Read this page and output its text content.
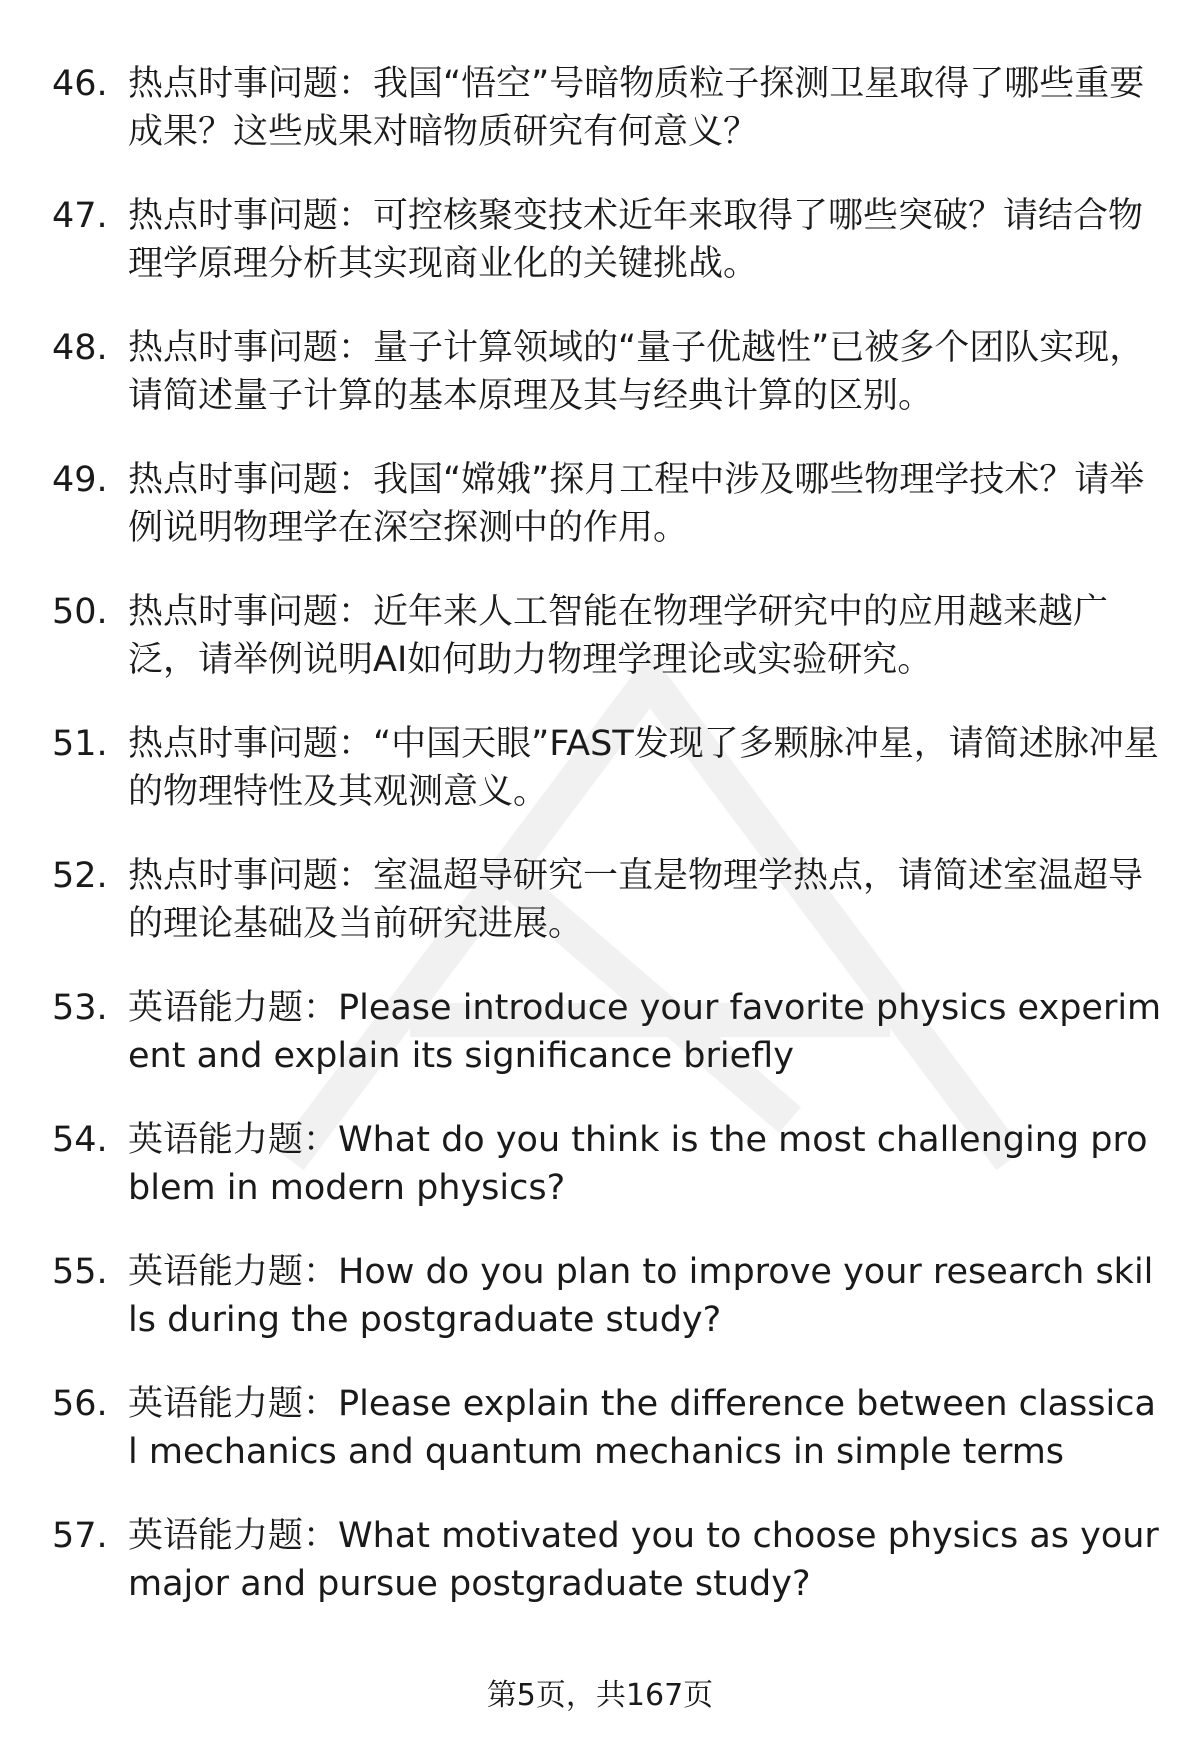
46. 热点时事问题：我国“悟空”号暗物质粒子探测卫星取得了哪些重要成果？这些成果对暗物质研究有何意义？
47. 热点时事问题：可控核聚变技术近年来取得了哪些突破？请结合物理学原理分析其实现商业化的关键挑战。
48. 热点时事问题：量子计算领域的“量子优越性”已被多个团队实现，请简述量子计算的基本原理及其与经典计算的区别。
49. 热点时事问题：我国“嫦娥”探月工程中涉及哪些物理学技术？请举例说明物理学在深空探测中的作用。
50. 热点时事问题：近年来人工智能在物理学研究中的应用越来越广泛，请举例说明AI如何助力物理学理论或实验研究。
51. 热点时事问题：“中国天眼”FAST发现了多颗脉冲星，请简述脉冲星的物理特性及其观测意义。
52. 热点时事问题：室温超导研究一直是物理学热点，请简述室温超导的理论基础及当前研究进展。
53. 英语能力题：Please introduce your favorite physics experiment and explain its significance briefly
54. 英语能力题：What do you think is the most challenging problem in modern physics?
55. 英语能力题：How do you plan to improve your research skills during the postgraduate study?
56. 英语能力题：Please explain the difference between classical mechanics and quantum mechanics in simple terms
57. 英语能力题：What motivated you to choose physics as your major and pursue postgraduate study?
第5页，共167页
